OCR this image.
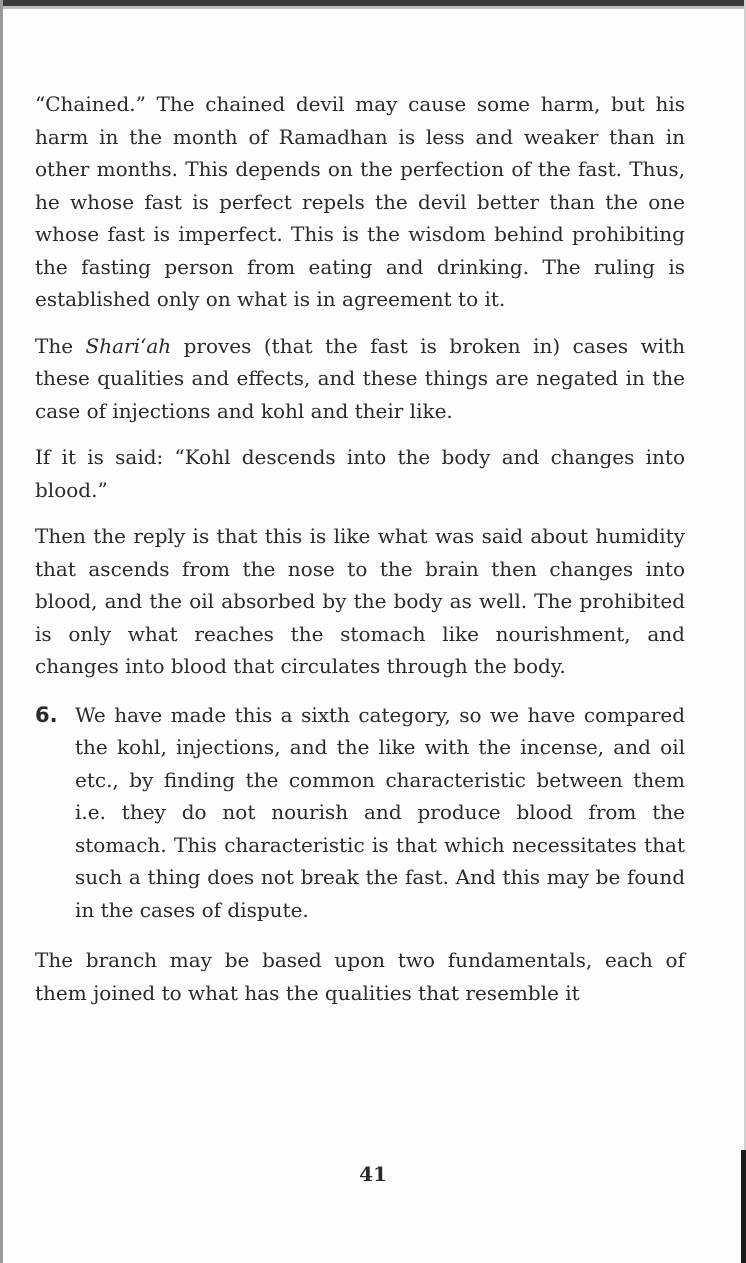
“Chained.” The chained devil may cause some harm, but his harm in the month of Ramadhan is less and weaker than in other months. This depends on the perfection of the fast. Thus, he whose fast is perfect repels the devil better than the one whose fast is imperfect. This is the wisdom behind prohibiting the fasting person from eating and drinking. The ruling is established only on what is in agreement to it.

The Shari‘ah proves (that the fast is broken in) cases with these qualities and effects, and these things are negated in the case of injections and kohl and their like.

If it is said: “Kohl descends into the body and changes into blood.”

Then the reply is that this is like what was said about humidity that ascends from the nose to the brain then changes into blood, and the oil absorbed by the body as well. The prohibited is only what reaches the stomach like nourishment, and changes into blood that circulates through the body.

6. We have made this a sixth category, so we have compared the kohl, injections, and the like with the incense, and oil etc., by finding the common characteristic between them i.e. they do not nourish and produce blood from the stomach. This characteristic is that which necessitates that such a thing does not break the fast. And this may be found in the cases of dispute.

The branch may be based upon two fundamentals, each of them joined to what has the qualities that resemble it

41
